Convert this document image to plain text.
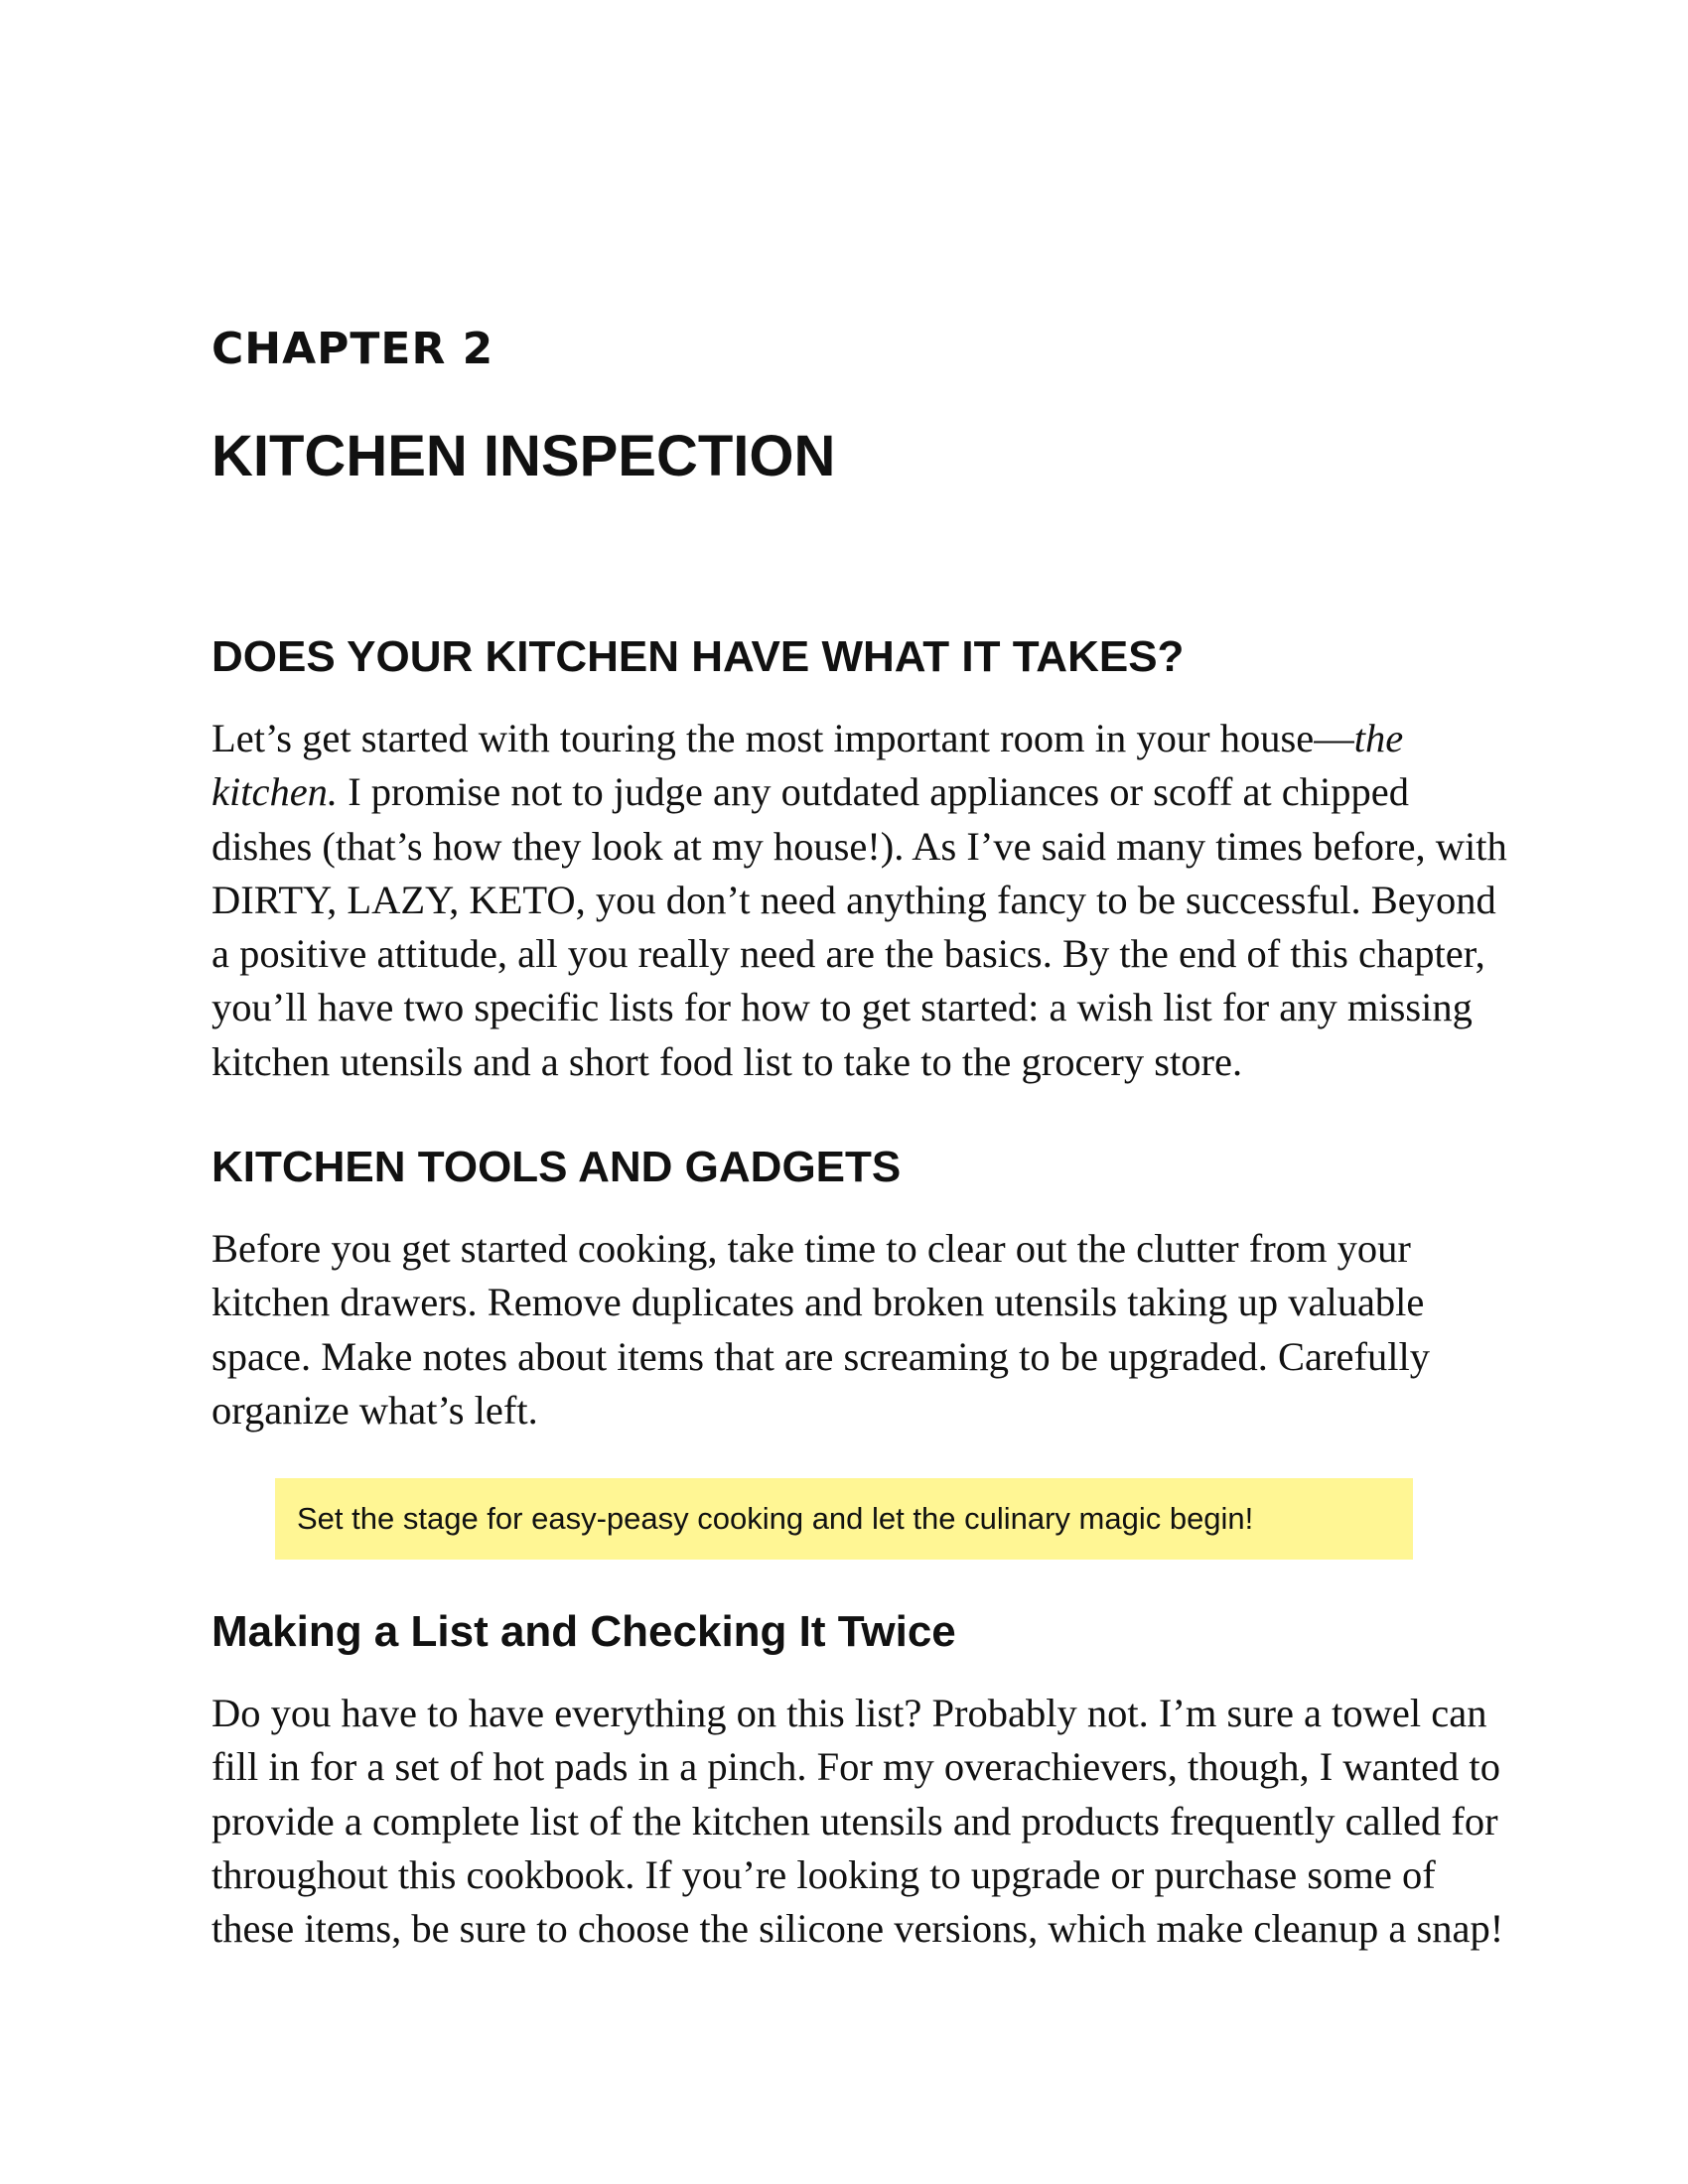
CHAPTER 2
KITCHEN INSPECTION
DOES YOUR KITCHEN HAVE WHAT IT TAKES?
Let’s get started with touring the most important room in your house—the
kitchen. I promise not to judge any outdated appliances or scoff at chipped
dishes (that’s how they look at my house!). As I’ve said many times before, with
DIRTY, LAZY, KETO, you don’t need anything fancy to be successful. Beyond
a positive attitude, all you really need are the basics. By the end of this chapter,
you’ll have two specific lists for how to get started: a wish list for any missing
kitchen utensils and a short food list to take to the grocery store.
KITCHEN TOOLS AND GADGETS
Before you get started cooking, take time to clear out the clutter from your
kitchen drawers. Remove duplicates and broken utensils taking up valuable
space. Make notes about items that are screaming to be upgraded. Carefully
organize what’s left.
Set the stage for easy-peasy cooking and let the culinary magic begin!
Making a List and Checking It Twice
Do you have to have everything on this list? Probably not. I’m sure a towel can
fill in for a set of hot pads in a pinch. For my overachievers, though, I wanted to
provide a complete list of the kitchen utensils and products frequently called for
throughout this cookbook. If you’re looking to upgrade or purchase some of
these items, be sure to choose the silicone versions, which make cleanup a snap!
